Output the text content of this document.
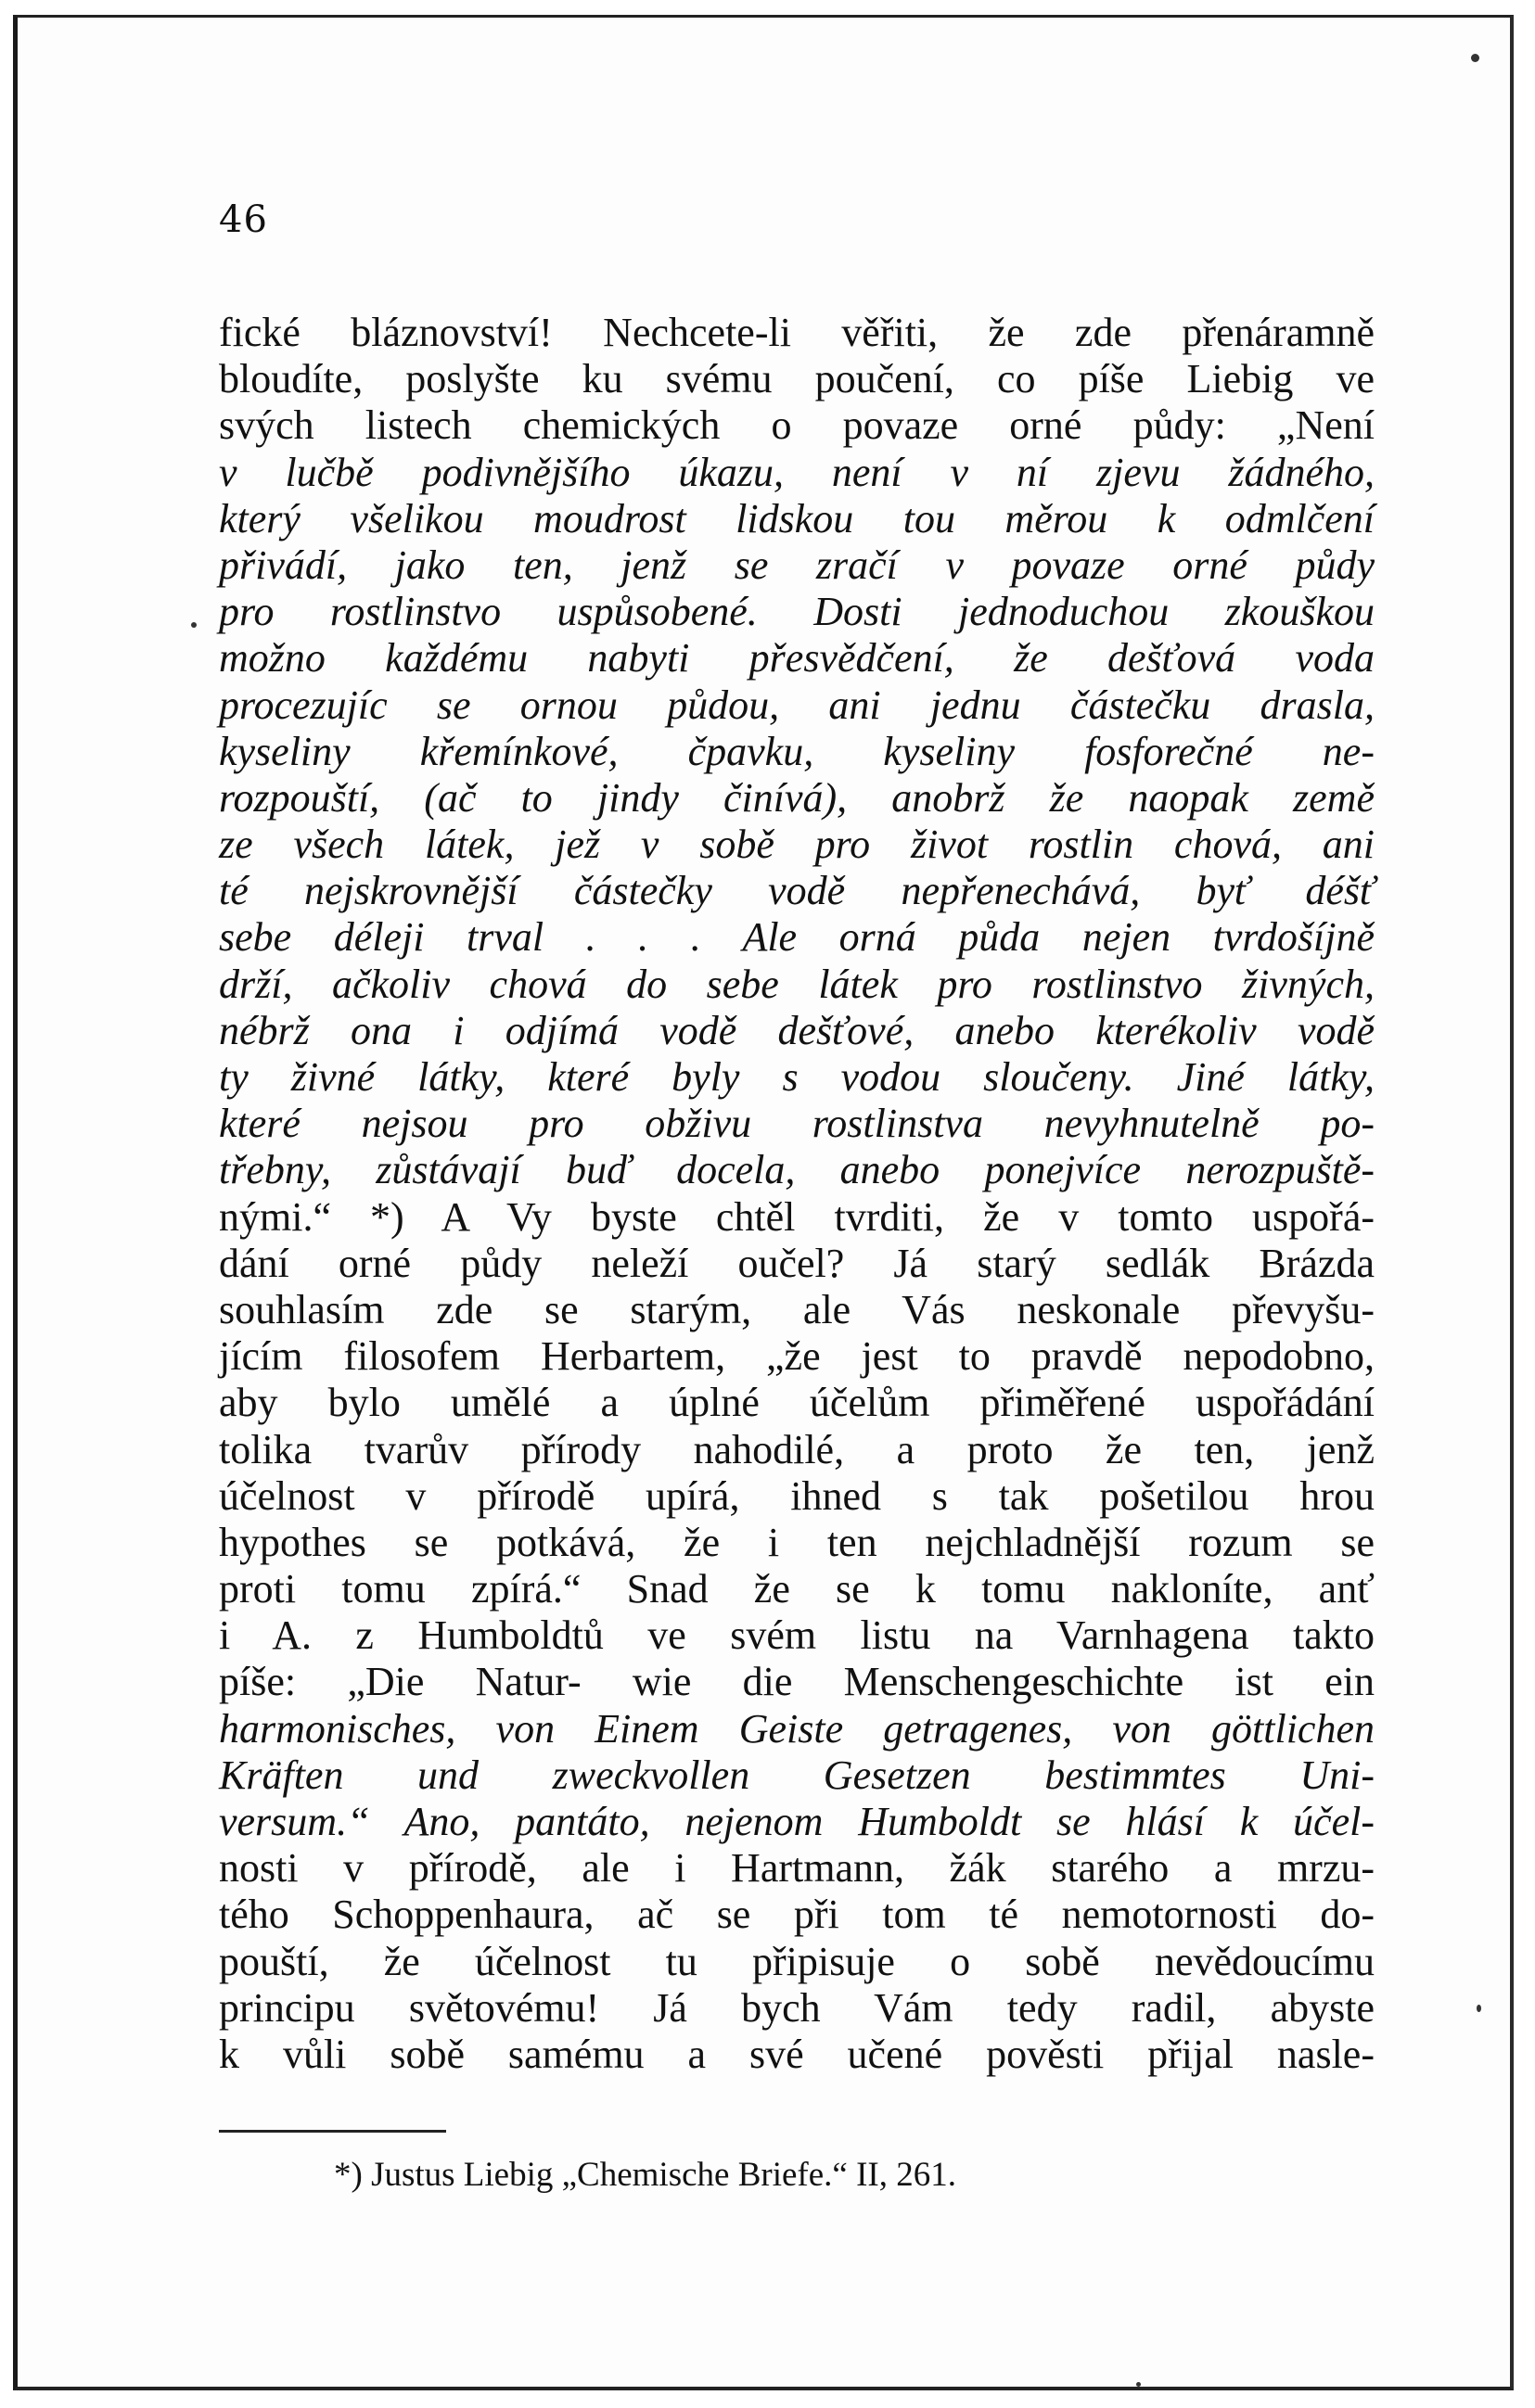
46
fické bláznovství! Nechcete-li věřiti, že zde přenáramně
bloudíte, poslyšte ku svému poučení, co píše Liebig ve
svých listech chemických o povaze orné půdy: „Není
v lučbě podivnějšího úkazu, není v ní zjevu žádného,
který všelikou moudrost lidskou tou měrou k odmlčení
přivádí, jako ten, jenž se zračí v povaze orné půdy
pro rostlinstvo uspůsobené. Dosti jednoduchou zkouškou
možno každému nabyti přesvědčení, že dešťová voda
procezujíc se ornou půdou, ani jednu částečku drasla,
kyseliny křemínkové, čpavku, kyseliny fosforečné ne-
rozpouští, (ač to jindy činívá), anobrž že naopak země
ze všech látek, jež v sobě pro život rostlin chová, ani
té nejskrovnější částečky vodě nepřenechává, byť déšť
sebe déleji trval . . . Ale orná půda nejen tvrdošíjně
drží, ačkoliv chová do sebe látek pro rostlinstvo živných,
nébrž ona i odjímá vodě dešťové, anebo kterékoliv vodě
ty živné látky, které byly s vodou sloučeny. Jiné látky,
které nejsou pro obživu rostlinstva nevyhnutelně po-
třebny, zůstávají buď docela, anebo ponejvíce nerozpuště-
nými.“ *) A Vy byste chtěl tvrditi, že v tomto uspořá-
dání orné půdy neleží oučel? Já starý sedlák Brázda
souhlasím zde se starým, ale Vás neskonale převyšu-
jícím filosofem Herbartem, „že jest to pravdě nepodobno,
aby bylo umělé a úplné účelům přiměřené uspořádání
tolika tvarův přírody nahodilé, a proto že ten, jenž
účelnost v přírodě upírá, ihned s tak pošetilou hrou
hypothes se potkává, že i ten nejchladnější rozum se
proti tomu zpírá.“ Snad že se k tomu nakloníte, anť
i A. z Humboldtů ve svém listu na Varnhagena takto
píše: „Die Natur- wie die Menschengeschichte ist ein
harmonisches, von Einem Geiste getragenes, von göttlichen
Kräften und zweckvollen Gesetzen bestimmtes Uni-
versum.“ Ano, pantáto, nejenom Humboldt se hlásí k účel-
nosti v přírodě, ale i Hartmann, žák starého a mrzu-
tého Schoppenhaura, ač se při tom té nemotornosti do-
pouští, že účelnost tu připisuje o sobě nevědoucímu
principu světovému! Já bych Vám tedy radil, abyste
k vůli sobě samému a své učené pověsti přijal nasle-
*) Justus Liebig „Chemische Briefe.“ II, 261.
